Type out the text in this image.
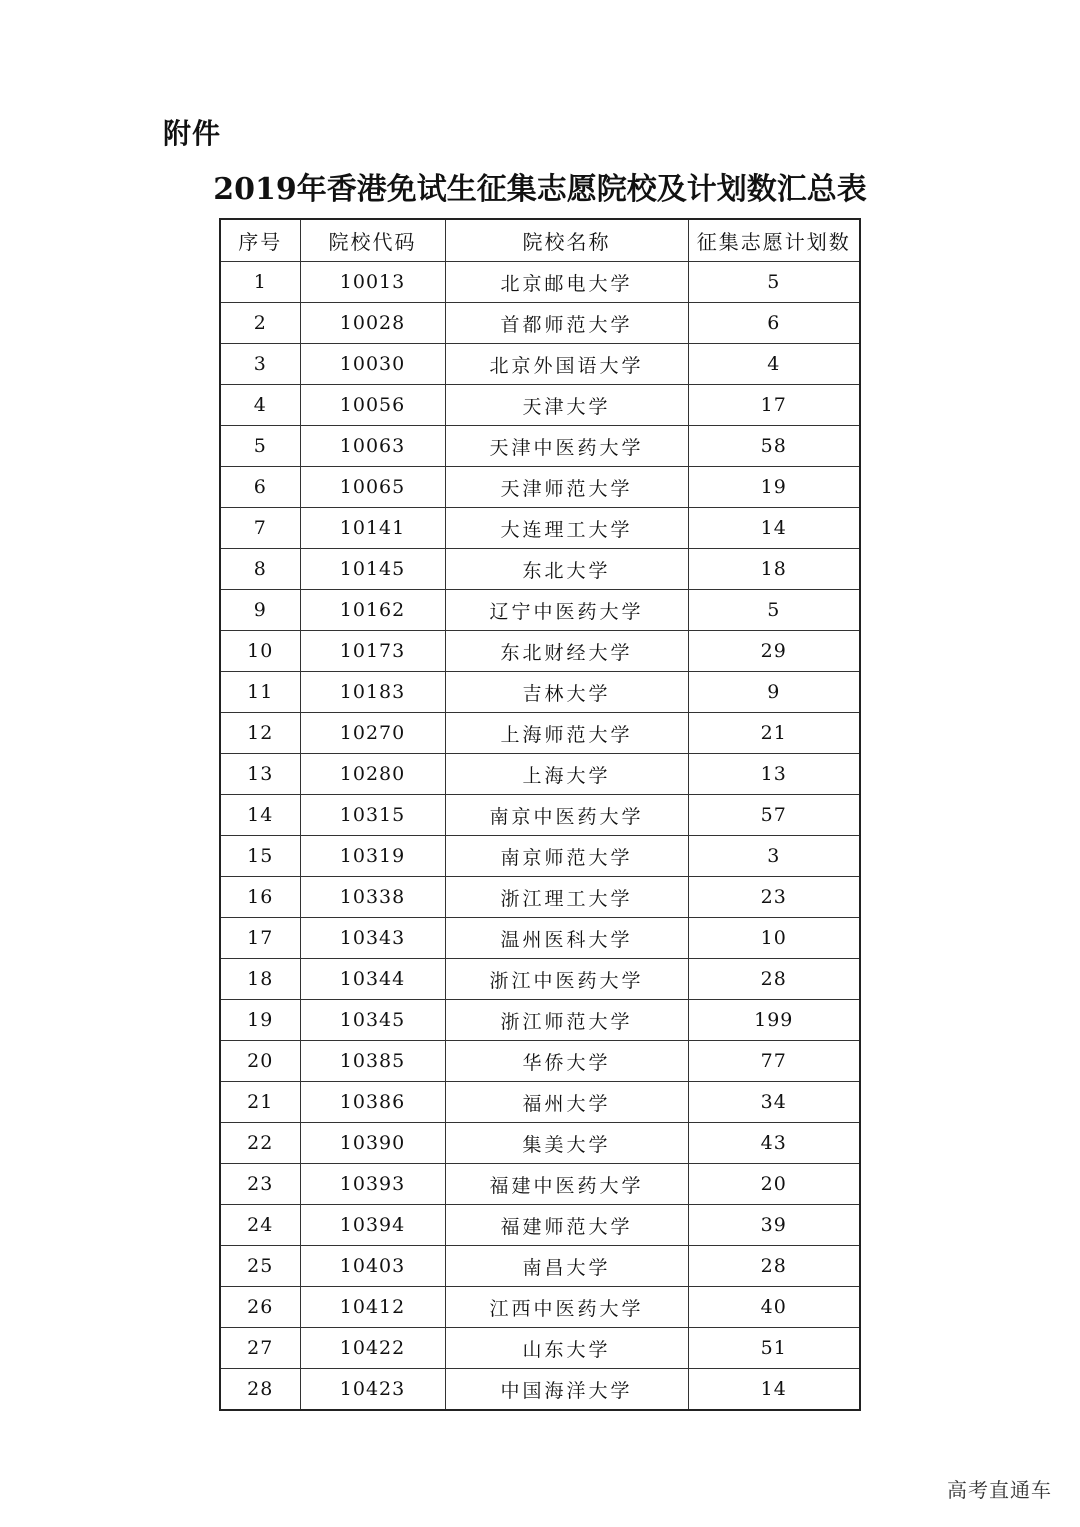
附件
2019年香港免试生征集志愿院校及计划数汇总表
序号	院校代码	院校名称	征集志愿计划数
1	10013	北京邮电大学	5
2	10028	首都师范大学	6
3	10030	北京外国语大学	4
4	10056	天津大学	17
5	10063	天津中医药大学	58
6	10065	天津师范大学	19
7	10141	大连理工大学	14
8	10145	东北大学	18
9	10162	辽宁中医药大学	5
10	10173	东北财经大学	29
11	10183	吉林大学	9
12	10270	上海师范大学	21
13	10280	上海大学	13
14	10315	南京中医药大学	57
15	10319	南京师范大学	3
16	10338	浙江理工大学	23
17	10343	温州医科大学	10
18	10344	浙江中医药大学	28
19	10345	浙江师范大学	199
20	10385	华侨大学	77
21	10386	福州大学	34
22	10390	集美大学	43
23	10393	福建中医药大学	20
24	10394	福建师范大学	39
25	10403	南昌大学	28
26	10412	江西中医药大学	40
27	10422	山东大学	51
28	10423	中国海洋大学	14
高考直通车
